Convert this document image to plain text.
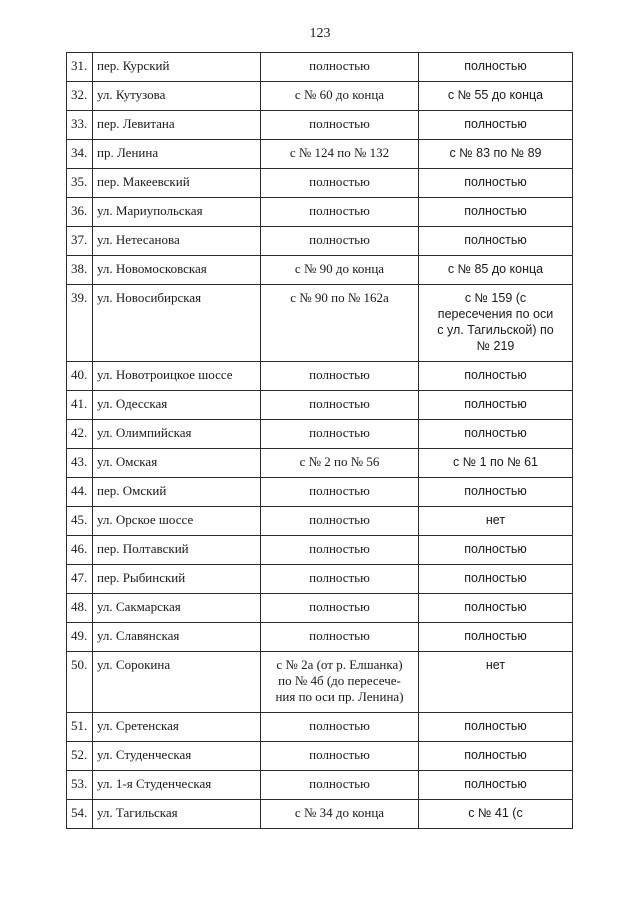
123
31.	пер. Курский	полностью	полностью
32.	ул. Кутузова	с № 60 до конца	с № 55 до конца
33.	пер. Левитана	полностью	полностью
34.	пр. Ленина	с № 124 по № 132	с № 83 по № 89
35.	пер. Макеевский	полностью	полностью
36.	ул. Мариупольская	полностью	полностью
37.	ул. Нетесанова	полностью	полностью
38.	ул. Новомосковская	с № 90 до конца	с № 85 до конца
39.	ул. Новосибирская	с № 90 по № 162а	с № 159 (с
пересечения по оси
с ул. Тагильской) по
№ 219
40.	ул. Новотроицкое шоссе	полностью	полностью
41.	ул. Одесская	полностью	полностью
42.	ул. Олимпийская	полностью	полностью
43.	ул. Омская	с № 2 по № 56	с № 1 по № 61
44.	пер. Омский	полностью	полностью
45.	ул. Орское шоссе	полностью	нет
46.	пер. Полтавский	полностью	полностью
47.	пер. Рыбинский	полностью	полностью
48.	ул. Сакмарская	полностью	полностью
49.	ул. Славянская	полностью	полностью
50.	ул. Сорокина	с № 2а (от р. Елшанка)
по № 4б (до пересече-
ния по оси пр. Ленина)	нет
51.	ул. Сретенская	полностью	полностью
52.	ул. Студенческая	полностью	полностью
53.	ул. 1-я Студенческая	полностью	полностью
54.	ул. Тагильская	с № 34 до конца	с № 41 (с
